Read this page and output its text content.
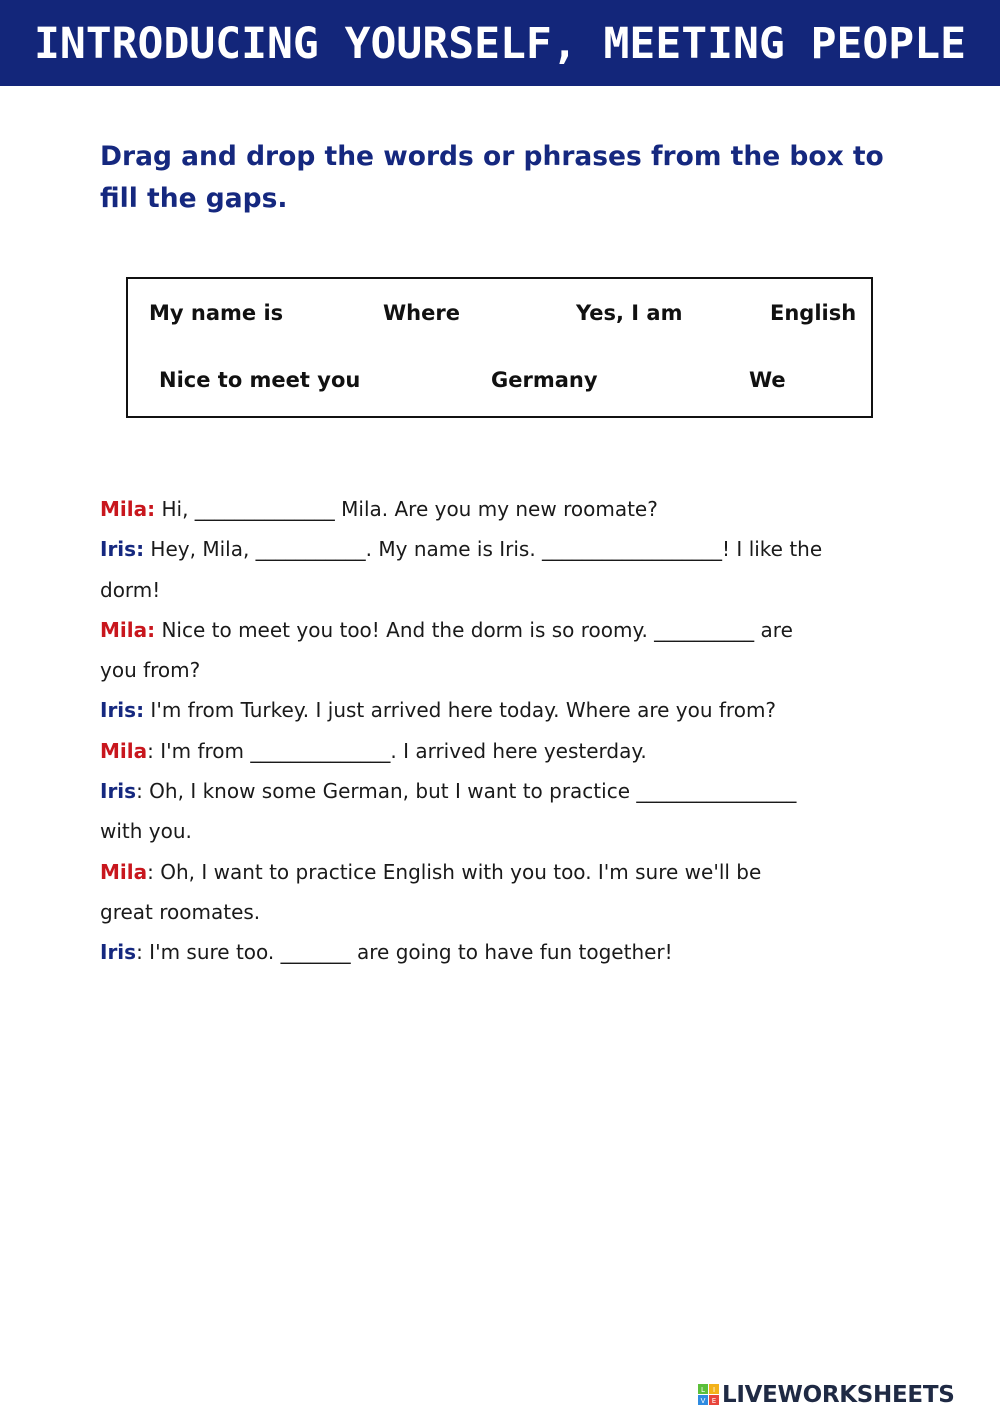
INTRODUCING YOURSELF, MEETING PEOPLE
Drag and drop the words or phrases from the box to fill the gaps.
My name is	Where	Yes, I am	English
Nice to meet you	Germany	We
Mila: Hi, ______________ Mila. Are you my new roomate?
Iris: Hey, Mila, ___________. My name is Iris. __________________! I like the
dorm!
Mila: Nice to meet you too! And the dorm is so roomy. __________ are
you from?
Iris: I'm from Turkey. I just arrived here today. Where are you from?
Mila: I'm from ______________. I arrived here yesterday.
Iris: Oh, I know some German, but I want to practice ________________
with you.
Mila: Oh, I want to practice English with you too. I'm sure we'll be
great roomates.
Iris: I'm sure too. _______ are going to have fun together!
L I
V E LIVEWORKSHEETS
